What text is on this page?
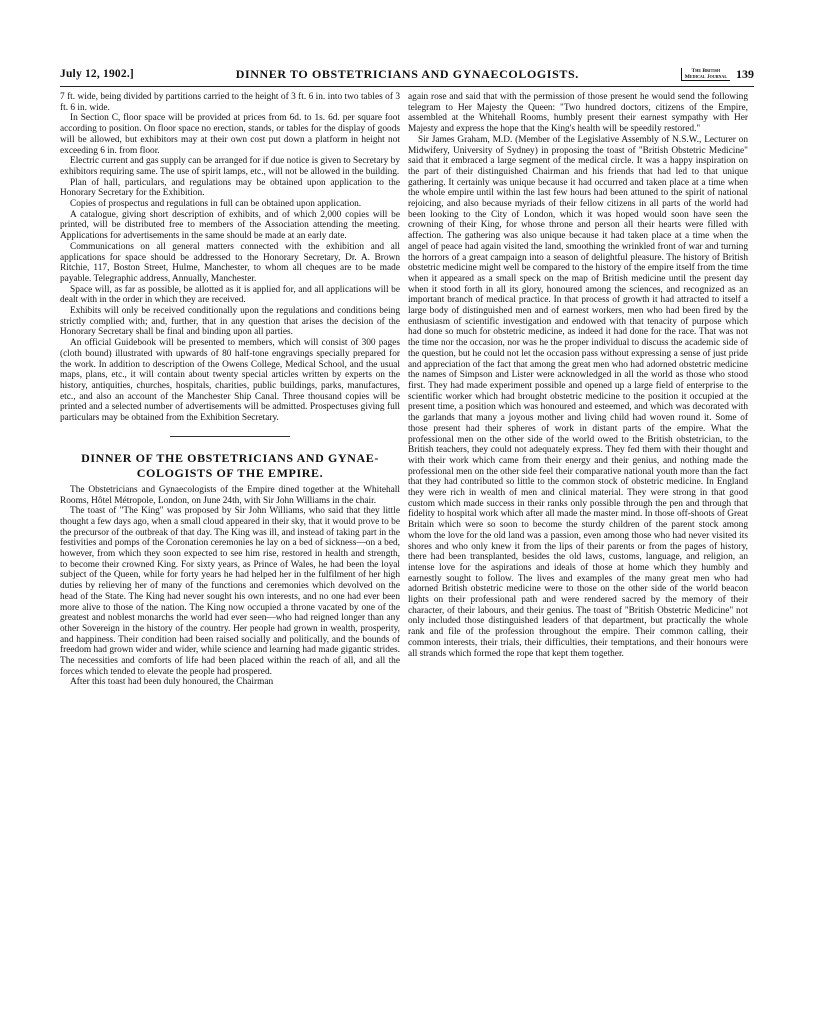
July 12, 1902.]	DINNER TO OBSTETRICIANS AND GYNAECOLOGISTS.	The British
Medical Journal 139

7 ft. wide, being divided by partitions carried to the height of 3 ft. 6 in. into two tables of 3 ft. 6 in. wide.

In Section C, floor space will be provided at prices from 6d. to 1s. 6d. per square foot according to position. On floor space no erection, stands, or tables for the display of goods will be allowed, but exhibitors may at their own cost put down a platform in height not exceeding 6 in. from floor.

Electric current and gas supply can be arranged for if due notice is given to Secretary by exhibitors requiring same. The use of spirit lamps, etc., will not be allowed in the building.

Plan of hall, particulars, and regulations may be obtained upon application to the Honorary Secretary for the Exhibition.

Copies of prospectus and regulations in full can be obtained upon application.

A catalogue, giving short description of exhibits, and of which 2,000 copies will be printed, will be distributed free to members of the Association attending the meeting. Applications for advertisements in the same should be made at an early date.

Communications on all general matters connected with the exhibition and all applications for space should be addressed to the Honorary Secretary, Dr. A. Brown Ritchie, 117, Boston Street, Hulme, Manchester, to whom all cheques are to be made payable. Telegraphic address, Annually, Manchester.

Space will, as far as possible, be allotted as it is applied for, and all applications will be dealt with in the order in which they are received.

Exhibits will only be received conditionally upon the regulations and conditions being strictly complied with; and, further, that in any question that arises the decision of the Honorary Secretary shall be final and binding upon all parties.

An official Guidebook will be presented to members, which will consist of 300 pages (cloth bound) illustrated with upwards of 80 half-tone engravings specially prepared for the work. In addition to description of the Owens College, Medical School, and the usual maps, plans, etc., it will contain about twenty special articles written by experts on the history, antiquities, churches, hospitals, charities, public buildings, parks, manufactures, etc., and also an account of the Manchester Ship Canal. Three thousand copies will be printed and a selected number of advertisements will be admitted. Prospectuses giving full particulars may be obtained from the Exhibition Secretary.

DINNER OF THE OBSTETRICIANS AND GYNAE-
COLOGISTS OF THE EMPIRE.

The Obstetricians and Gynaecologists of the Empire dined together at the Whitehall Rooms, Hôtel Métropole, London, on June 24th, with Sir John Williams in the chair.

The toast of "The King" was proposed by Sir John Williams, who said that they little thought a few days ago, when a small cloud appeared in their sky, that it would prove to be the precursor of the outbreak of that day. The King was ill, and instead of taking part in the festivities and pomps of the Coronation ceremonies he lay on a bed of sickness—on a bed, however, from which they soon expected to see him rise, restored in health and strength, to become their crowned King. For sixty years, as Prince of Wales, he had been the loyal subject of the Queen, while for forty years he had helped her in the fulfilment of her high duties by relieving her of many of the functions and ceremonies which devolved on the head of the State. The King had never sought his own interests, and no one had ever been more alive to those of the nation. The King now occupied a throne vacated by one of the greatest and noblest monarchs the world had ever seen—who had reigned longer than any other Sovereign in the history of the country. Her people had grown in wealth, prosperity, and happiness. Their condition had been raised socially and politically, and the bounds of freedom had grown wider and wider, while science and learning had made gigantic strides. The necessities and comforts of life had been placed within the reach of all, and all the forces which tended to elevate the people had prospered.

After this toast had been duly honoured, the Chairman

again rose and said that with the permission of those present he would send the following telegram to Her Majesty the Queen: "Two hundred doctors, citizens of the Empire, assembled at the Whitehall Rooms, humbly present their earnest sympathy with Her Majesty and express the hope that the King's health will be speedily restored."

Sir James Graham, M.D. (Member of the Legislative Assembly of N.S.W., Lecturer on Midwifery, University of Sydney) in proposing the toast of "British Obstetric Medicine" said that it embraced a large segment of the medical circle. It was a happy inspiration on the part of their distinguished Chairman and his friends that had led to that unique gathering. It certainly was unique because it had occurred and taken place at a time when the whole empire until within the last few hours had been attuned to the spirit of national rejoicing, and also because myriads of their fellow citizens in all parts of the world had been looking to the City of London, which it was hoped would soon have seen the crowning of their King, for whose throne and person all their hearts were filled with affection. The gathering was also unique because it had taken place at a time when the angel of peace had again visited the land, smoothing the wrinkled front of war and turning the horrors of a great campaign into a season of delightful pleasure. The history of British obstetric medicine might well be compared to the history of the empire itself from the time when it appeared as a small speck on the map of British medicine until the present day when it stood forth in all its glory, honoured among the sciences, and recognized as an important branch of medical practice. In that process of growth it had attracted to itself a large body of distinguished men and of earnest workers, men who had been fired by the enthusiasm of scientific investigation and endowed with that tenacity of purpose which had done so much for obstetric medicine, as indeed it had done for the race. That was not the time nor the occasion, nor was he the proper individual to discuss the academic side of the question, but he could not let the occasion pass without expressing a sense of just pride and appreciation of the fact that among the great men who had adorned obstetric medicine the names of Simpson and Lister were acknowledged in all the world as those who stood first. They had made experiment possible and opened up a large field of enterprise to the scientific worker which had brought obstetric medicine to the position it occupied at the present time, a position which was honoured and esteemed, and which was decorated with the garlands that many a joyous mother and living child had woven round it. Some of those present had their spheres of work in distant parts of the empire. What the professional men on the other side of the world owed to the British obstetrician, to the British teachers, they could not adequately express. They fed them with their thought and with their work which came from their energy and their genius, and nothing made the professional men on the other side feel their comparative national youth more than the fact that they had contributed so little to the common stock of obstetric medicine. In England they were rich in wealth of men and clinical material. They were strong in that good custom which made success in their ranks only possible through the pen and through that fidelity to hospital work which after all made the master mind. In those off-shoots of Great Britain which were so soon to become the sturdy children of the parent stock among whom the love for the old land was a passion, even among those who had never visited its shores and who only knew it from the lips of their parents or from the pages of history, there had been transplanted, besides the old laws, customs, language, and religion, an intense love for the aspirations and ideals of those at home which they humbly and earnestly sought to follow. The lives and examples of the many great men who had adorned British obstetric medicine were to those on the other side of the world beacon lights on their professional path and were rendered sacred by the memory of their character, of their labours, and their genius. The toast of "British Obstetric Medicine" not only included those distinguished leaders of that department, but practically the whole rank and file of the profession throughout the empire. Their common calling, their common interests, their trials, their difficulties, their temptations, and their honours were all strands which formed the rope that kept them together.
